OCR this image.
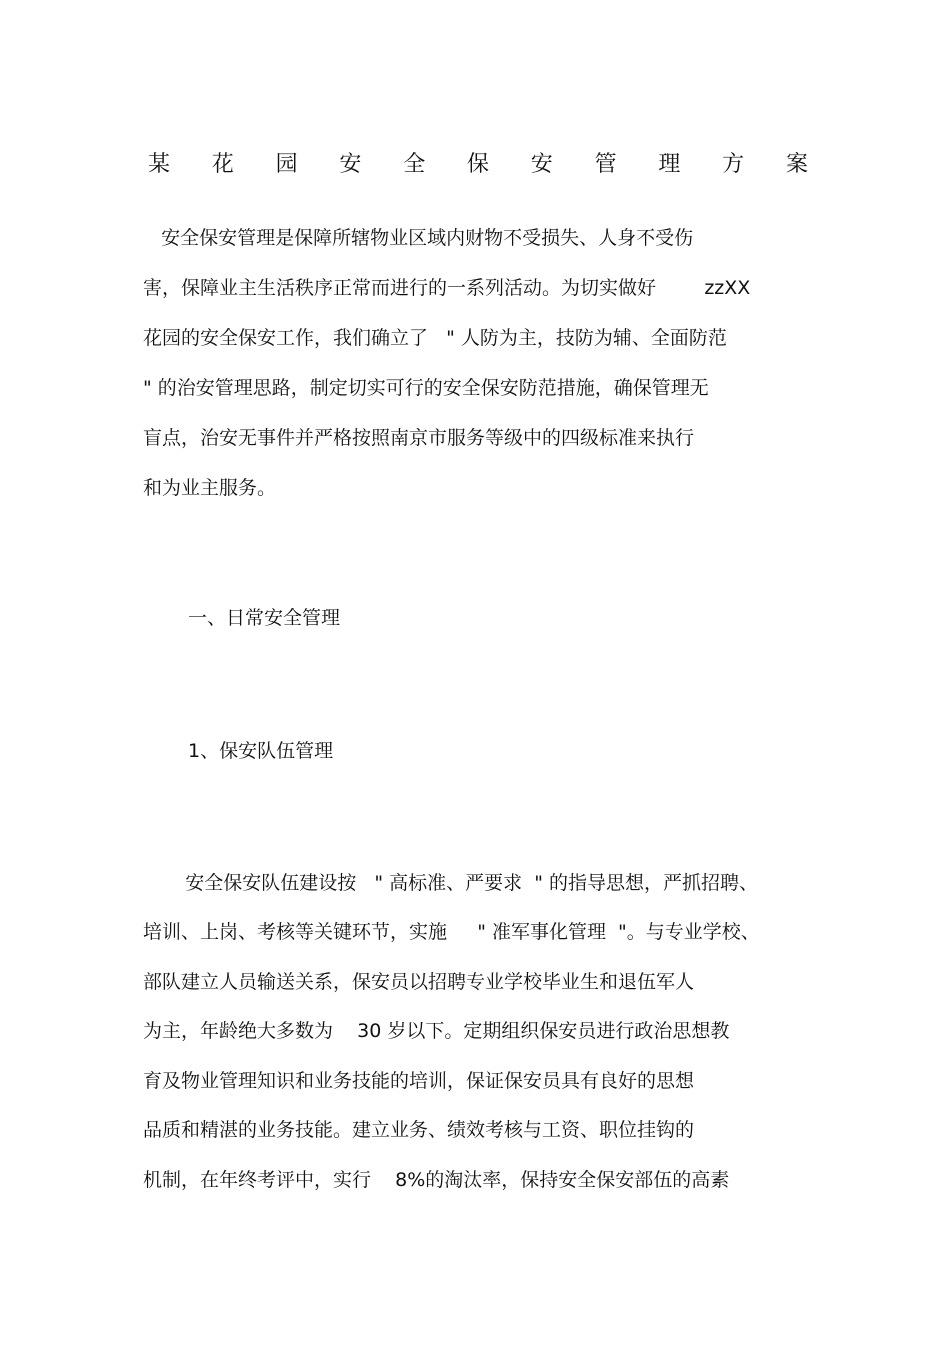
某 花 园 安 全 保 安 管 理 方 案
安全保安管理是保障所辖物业区域内财物不受损失、人身不受伤
害，保障业主生活秩序正常而进行的一系列活动。为切实做好        zzXX
花园的安全保安工作，我们确立了   " 人防为主，技防为辅、全面防范
" 的治安管理思路，制定切实可行的安全保安防范措施，确保管理无
盲点，治安无事件并严格按照南京市服务等级中的四级标准来执行
和为业主服务。
一、日常安全管理
1、保安队伍管理
安全保安队伍建设按   " 高标准、严要求  " 的指导思想，严抓招聘、
培训、上岗、考核等关键环节，实施     " 准军事化管理  "。与专业学校、
部队建立人员输送关系，保安员以招聘专业学校毕业生和退伍军人
为主，年龄绝大多数为    30 岁以下。定期组织保安员进行政治思想教
育及物业管理知识和业务技能的培训，保证保安员具有良好的思想
品质和精湛的业务技能。建立业务、绩效考核与工资、职位挂钩的
机制，在年终考评中，实行    8%的淘汰率，保持安全保安部伍的高素
